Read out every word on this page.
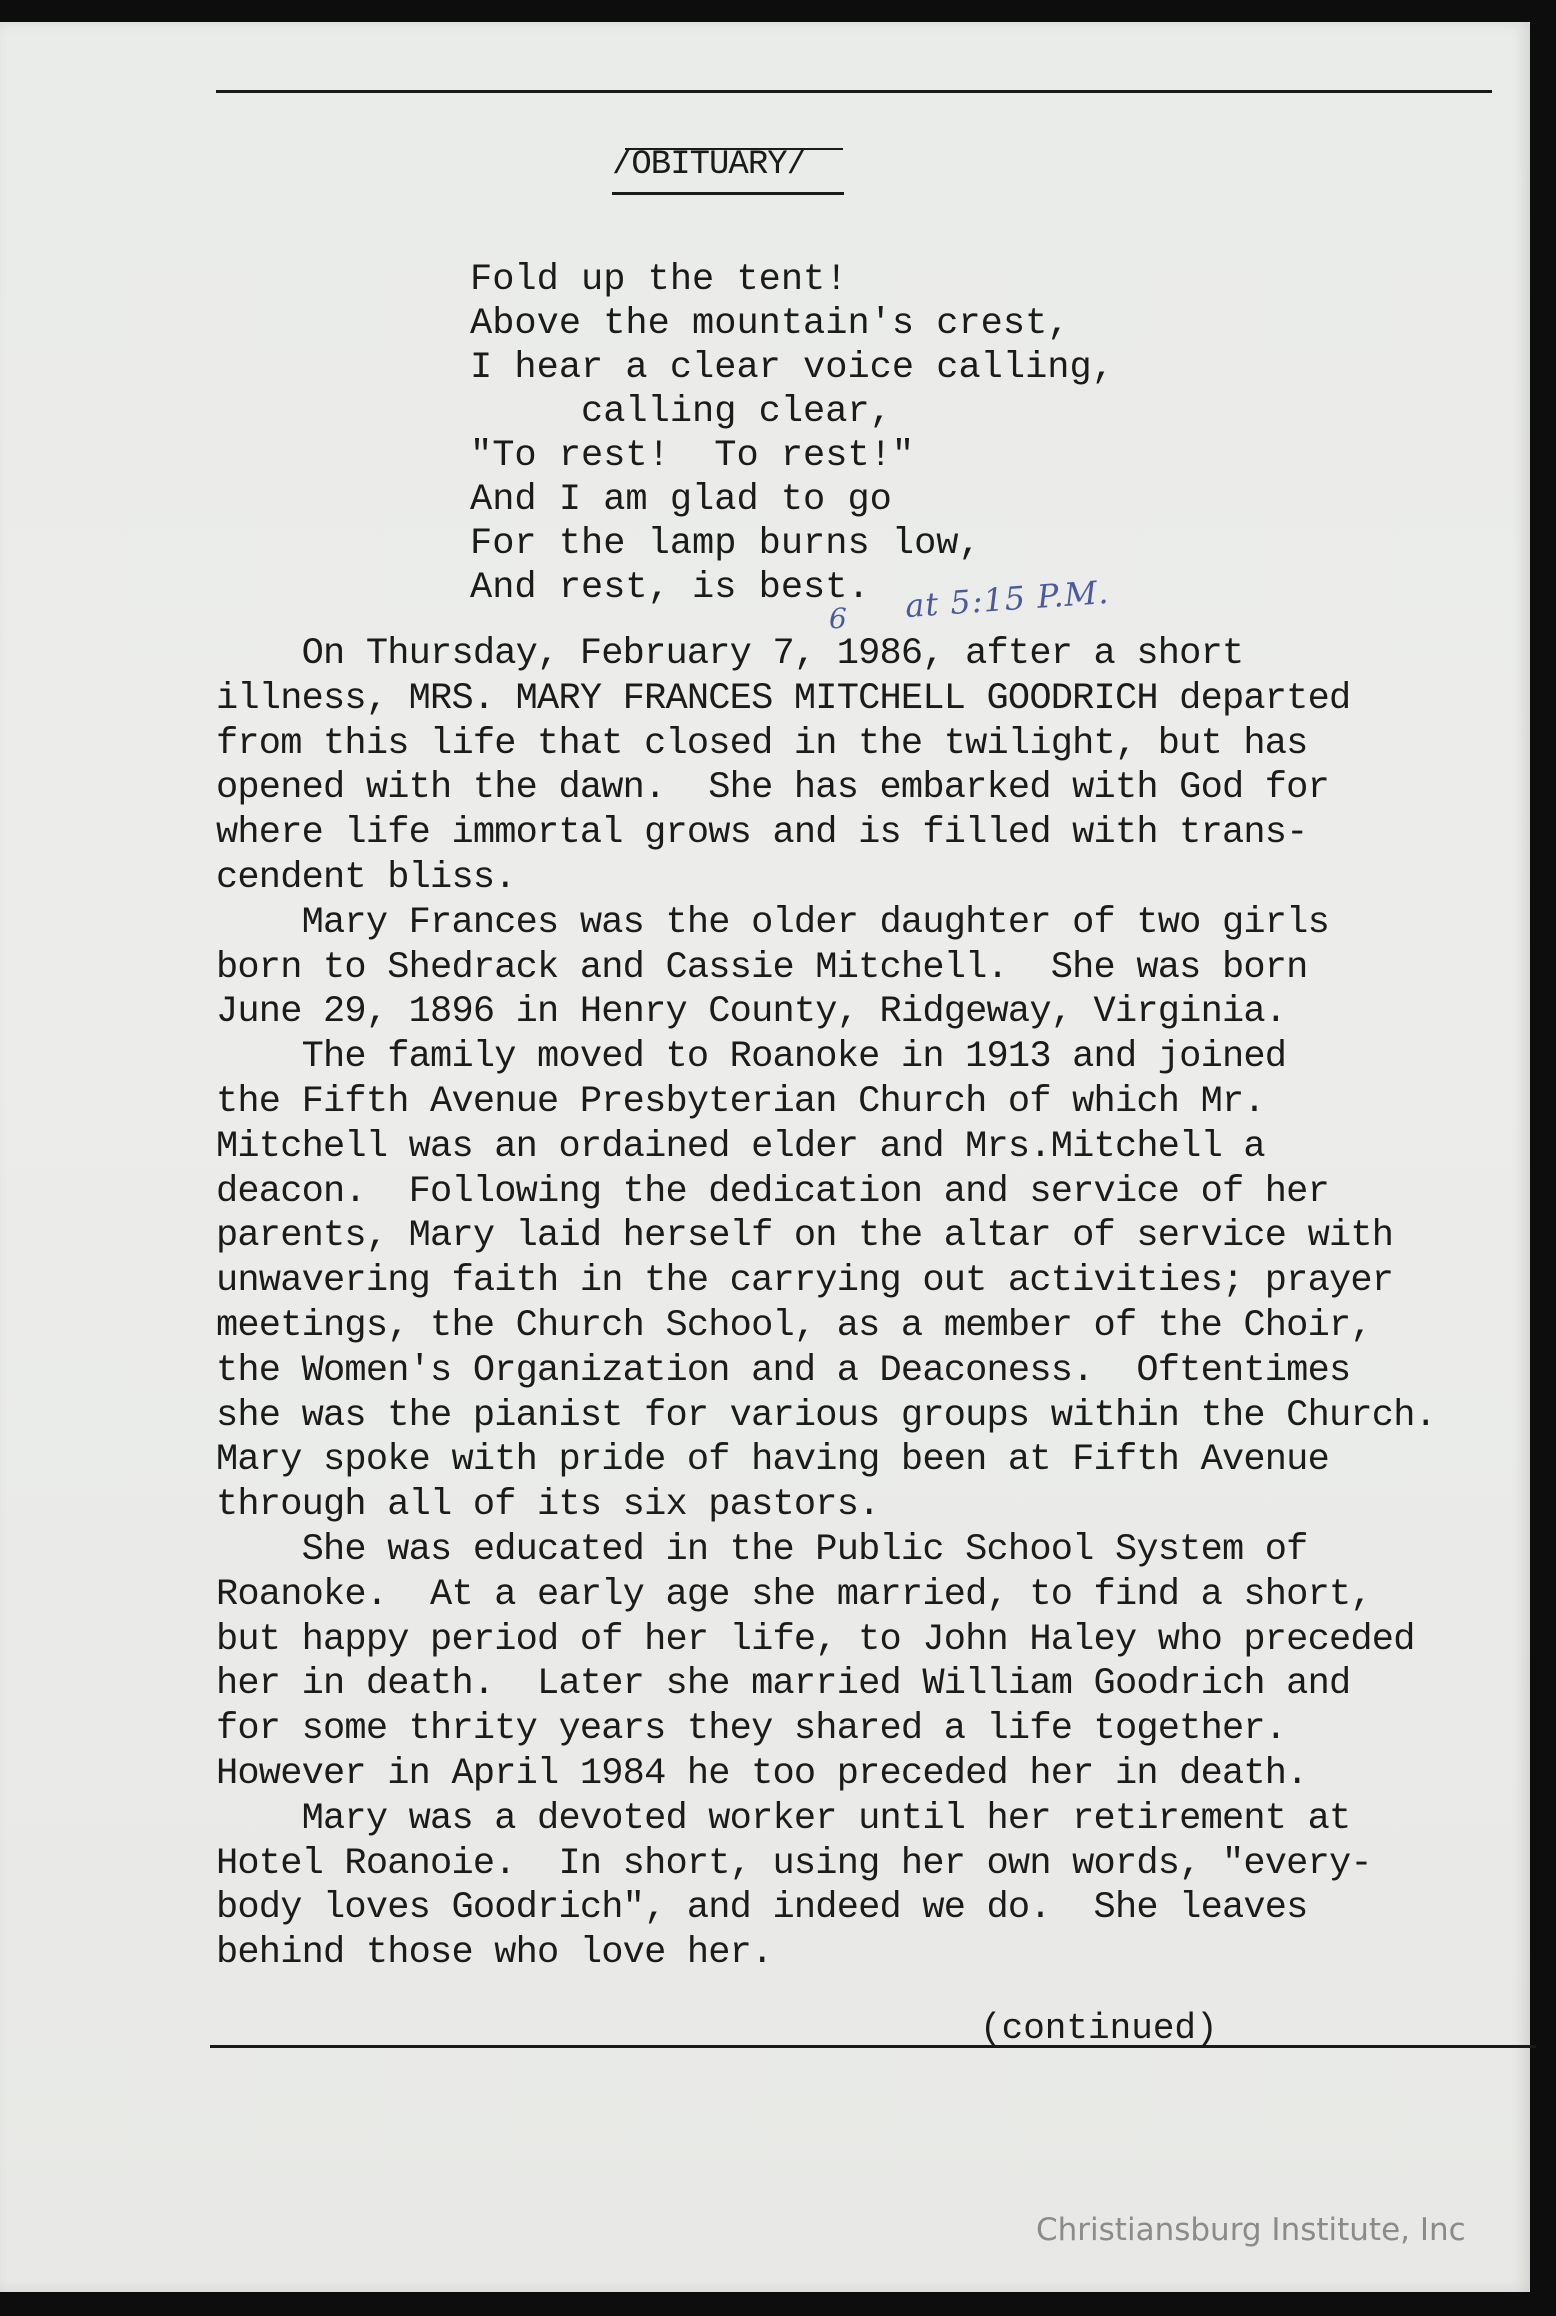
/OBITUARY/
Fold up the tent!
Above the mountain's crest,
I hear a clear voice calling,
calling clear,
"To rest!  To rest!"
And I am glad to go
For the lamp burns low,
And rest, is best.	at 5:15 P.M.
6
On Thursday, February 7, 1986, after a short
illness, MRS. MARY FRANCES MITCHELL GOODRICH departed
from this life that closed in the twilight, but has
opened with the dawn.  She has embarked with God for
where life immortal grows and is filled with trans-
cendent bliss.
Mary Frances was the older daughter of two girls
born to Shedrack and Cassie Mitchell.  She was born
June 29, 1896 in Henry County, Ridgeway, Virginia.
The family moved to Roanoke in 1913 and joined
the Fifth Avenue Presbyterian Church of which Mr.
Mitchell was an ordained elder and Mrs.Mitchell a
deacon.  Following the dedication and service of her
parents, Mary laid herself on the altar of service with
unwavering faith in the carrying out activities; prayer
meetings, the Church School, as a member of the Choir,
the Women's Organization and a Deaconess.  Oftentimes
she was the pianist for various groups within the Church.
Mary spoke with pride of having been at Fifth Avenue
through all of its six pastors.
She was educated in the Public School System of
Roanoke.  At a early age she married, to find a short,
but happy period of her life, to John Haley who preceded
her in death.  Later she married William Goodrich and
for some thrity years they shared a life together.
However in April 1984 he too preceded her in death.
Mary was a devoted worker until her retirement at
Hotel Roanoie.  In short, using her own words, "every-
body loves Goodrich", and indeed we do.  She leaves
behind those who love her.
(continued)
Christiansburg Institute, Inc
